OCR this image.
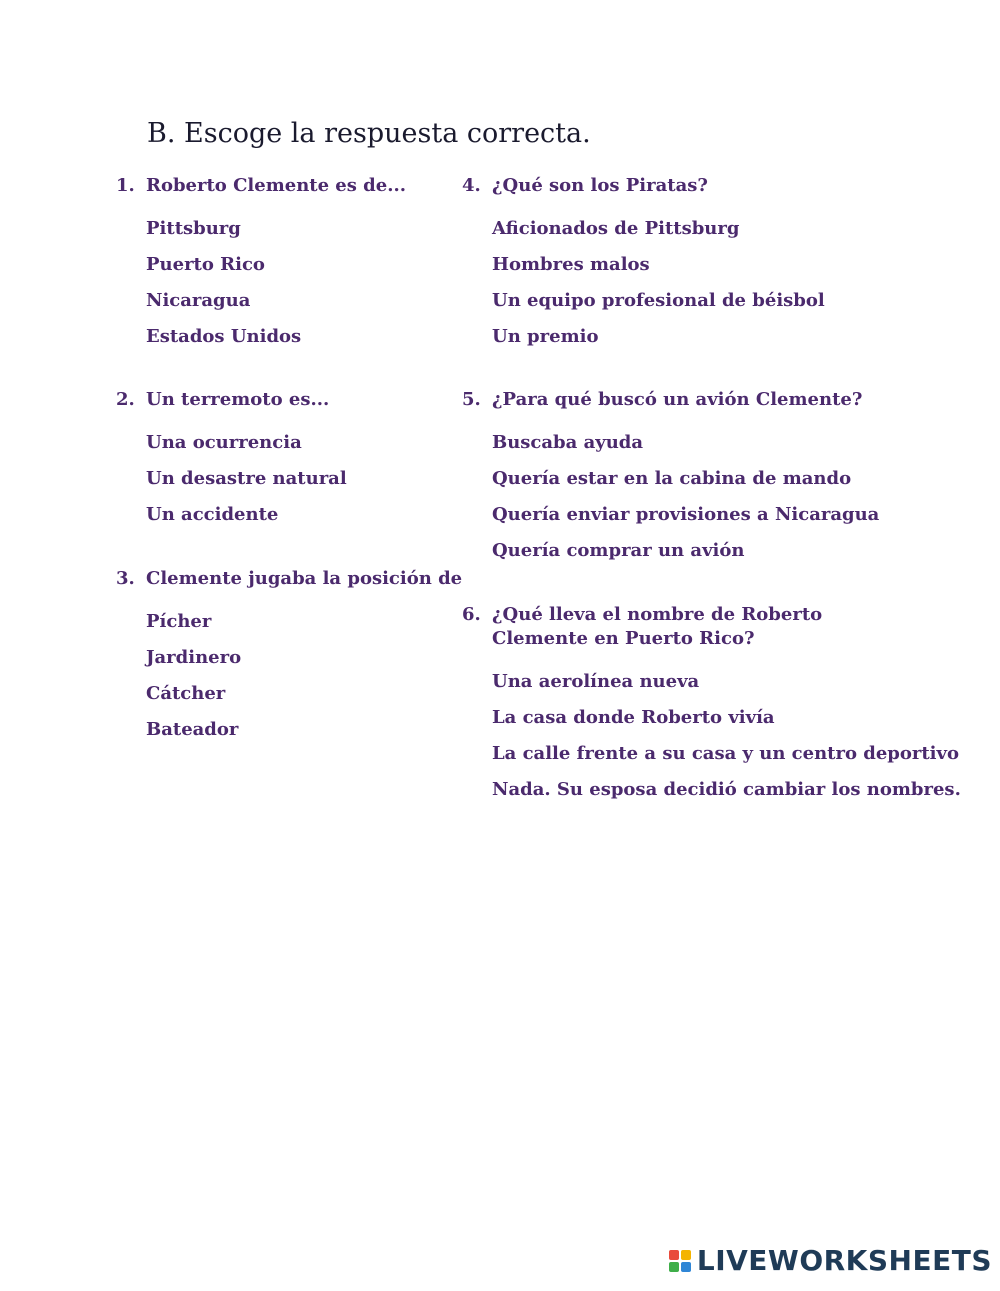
B. Escoge la respuesta correcta.
1. Roberto Clemente es de...
Pittsburg
Puerto Rico
Nicaragua
Estados Unidos
2. Un terremoto es...
Una ocurrencia
Un desastre natural
Un accidente
3. Clemente jugaba la posición de
Pícher
Jardinero
Cátcher
Bateador
4. ¿Qué son los Piratas?
Aficionados de Pittsburg
Hombres malos
Un equipo profesional de béisbol
Un premio
5. ¿Para qué buscó un avión Clemente?
Buscaba ayuda
Quería estar en la cabina de mando
Quería enviar provisiones a Nicaragua
Quería comprar un avión
6. ¿Qué lleva el nombre de Roberto Clemente en Puerto Rico?
Una aerolínea nueva
La casa donde Roberto vivía
La calle frente a su casa y un centro deportivo
Nada. Su esposa decidió cambiar los nombres.
LIVEWORKSHEETS
